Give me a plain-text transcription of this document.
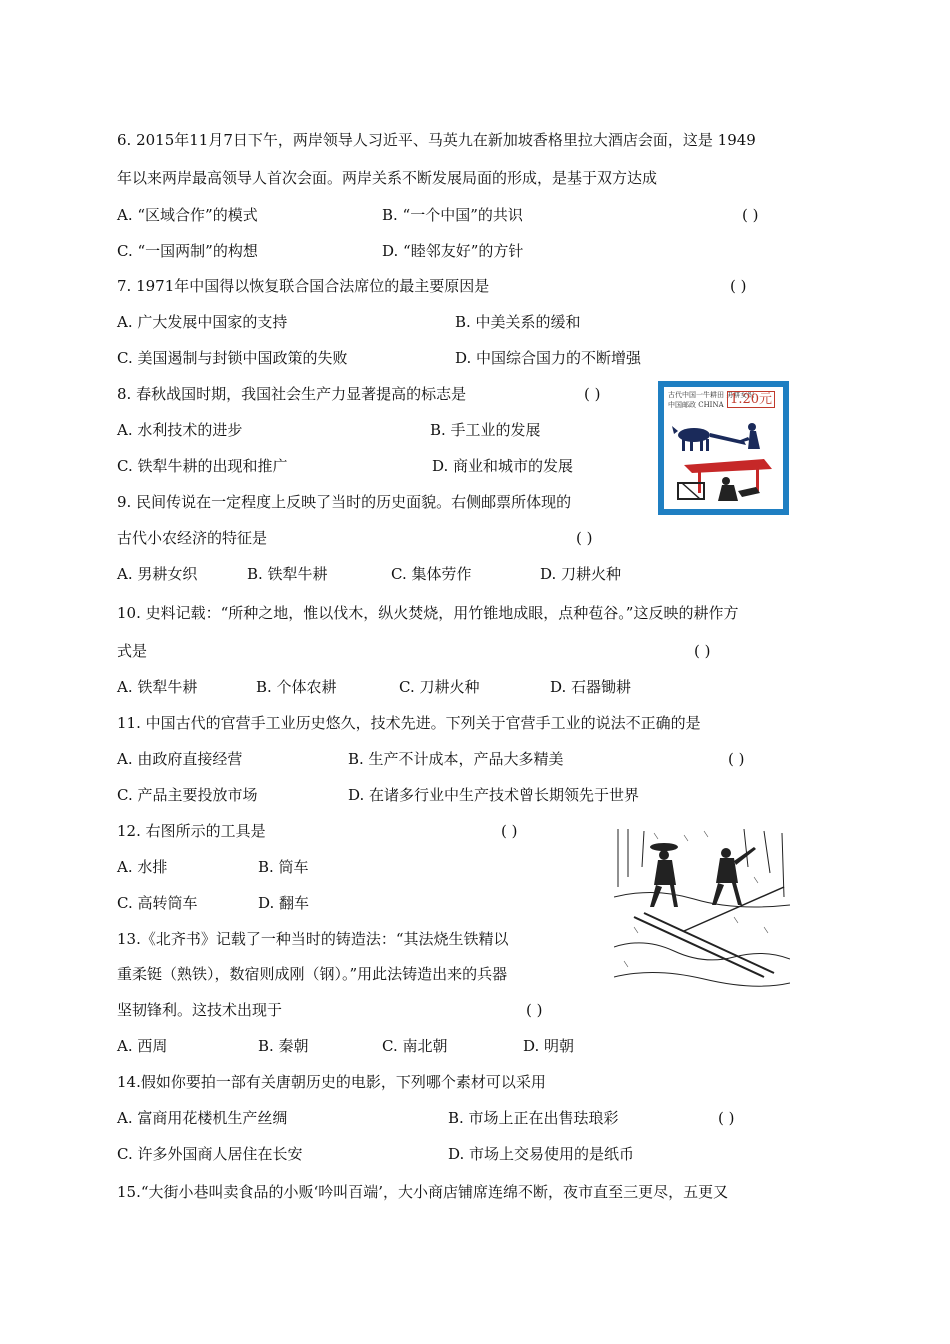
6. 2015年11月7日下午，两岸领导人习近平、马英九在新加坡香格里拉大酒店会面，这是 1949
年以来两岸最高领导人首次会面。两岸关系不断发展局面的形成，是基于双方达成
A. “区域合作”的模式	B. “一个中国”的共识	( )
C. “一国两制”的构想	D. “睦邻友好”的方针
7. 1971年中国得以恢复联合国合法席位的最主要原因是	( )
A. 广大发展中国家的支持	B. 中美关系的缓和
C. 美国遏制与封锁中国政策的失败	D. 中国综合国力的不断增强
8. 春秋战国时期，我国社会生产力显著提高的标志是	( )
A. 水利技术的进步	B. 手工业的发展
C. 铁犁牛耕的出现和推广	D. 商业和城市的发展
古代中国一牛耕田 男耕女织
中国邮政 CHINA 1.20元
9. 民间传说在一定程度上反映了当时的历史面貌。右侧邮票所体现的
古代小农经济的特征是	( )
A. 男耕女织	B. 铁犁牛耕	C. 集体劳作	D. 刀耕火种
10. 史料记载：“所种之地，惟以伐木，纵火焚烧，用竹锥地成眼，点种苞谷。”这反映的耕作方
式是	( )
A. 铁犁牛耕	B. 个体农耕	C. 刀耕火种	D. 石器锄耕
11. 中国古代的官营手工业历史悠久，技术先进。下列关于官营手工业的说法不正确的是
A. 由政府直接经营	B. 生产不计成本，产品大多精美	( )
C. 产品主要投放市场	D. 在诸多行业中生产技术曾长期领先于世界
12. 右图所示的工具是	( )
A. 水排	B. 筒车
C. 高转筒车	D. 翻车
13.《北齐书》记载了一种当时的铸造法：“其法烧生铁精以
重柔铤（熟铁），数宿则成刚（钢）。”用此法铸造出来的兵器
坚韧锋利。这技术出现于	( )
A. 西周	B. 秦朝	C. 南北朝	D. 明朝
14.假如你要拍一部有关唐朝历史的电影，下列哪个素材可以采用
A. 富商用花楼机生产丝绸	B. 市场上正在出售珐琅彩	( )
C. 许多外国商人居住在长安	D. 市场上交易使用的是纸币
15.“大街小巷叫卖食品的小贩‘吟叫百端’，大小商店铺席连绵不断，夜市直至三更尽，五更又
